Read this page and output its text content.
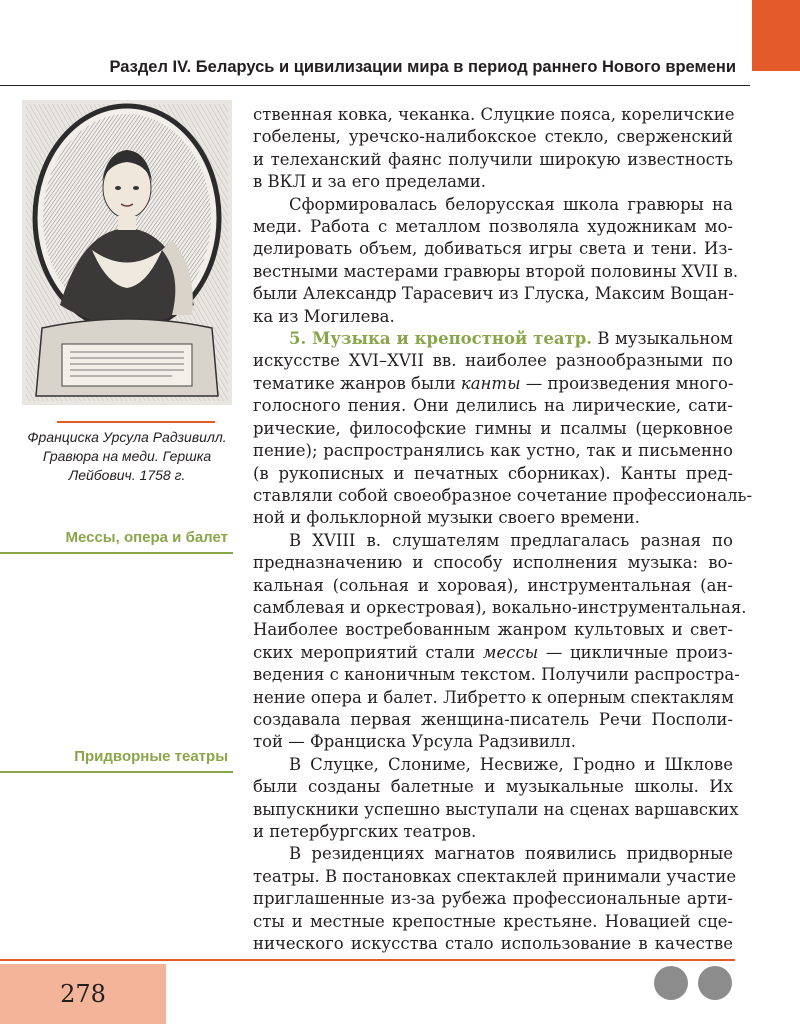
Раздел IV. Беларусь и цивилизации мира в период раннего Нового времени
Франциска Урсула Радзивилл.
Гравюра на меди. Гершка
Лейбович. 1758 г.
Мессы, опера и балет
Придворные театры
ственная ковка, чеканка. Слуцкие пояса, кореличские
гобелены, уречско-налибокское стекло, сверженский
и телеханский фаянс получили широкую известность
в ВКЛ и за его пределами.
Сформировалась белорусская школа гравюры на
меди. Работа с металлом позволяла художникам мо-
делировать объем, добиваться игры света и тени. Из-
вестными мастерами гравюры второй половины XVII в.
были Александр Тарасевич из Глуска, Максим Вощан-
ка из Могилева.
5. Музыка и крепостной театр. В музыкальном
искусстве XVI–XVII вв. наиболее разнообразными по
тематике жанров были канты — произведения много-
голосного пения. Они делились на лирические, сати-
рические, философские гимны и псалмы (церковное
пение); распространялись как устно, так и письменно
(в рукописных и печатных сборниках). Канты пред-
ставляли собой своеобразное сочетание профессиональ-
ной и фольклорной музыки своего времени.
В XVIII в. слушателям предлагалась разная по
предназначению и способу исполнения музыка: во-
кальная (сольная и хоровая), инструментальная (ан-
самблевая и оркестровая), вокально-инструментальная.
Наиболее востребованным жанром культовых и свет-
ских мероприятий стали мессы — цикличные произ-
ведения с каноничным текстом. Получили распростра-
нение опера и балет. Либретто к оперным спектаклям
создавала первая женщина-писатель Речи Посполи-
той — Франциска Урсула Радзивилл.
В Слуцке, Слониме, Несвиже, Гродно и Шклове
были созданы балетные и музыкальные школы. Их
выпускники успешно выступали на сценах варшавских
и петербургских театров.
В резиденциях магнатов появились придворные
театры. В постановках спектаклей принимали участие
приглашенные из-за рубежа профессиональные арти-
сты и местные крепостные крестьяне. Новацией сце-
нического искусства стало использование в качестве
278
